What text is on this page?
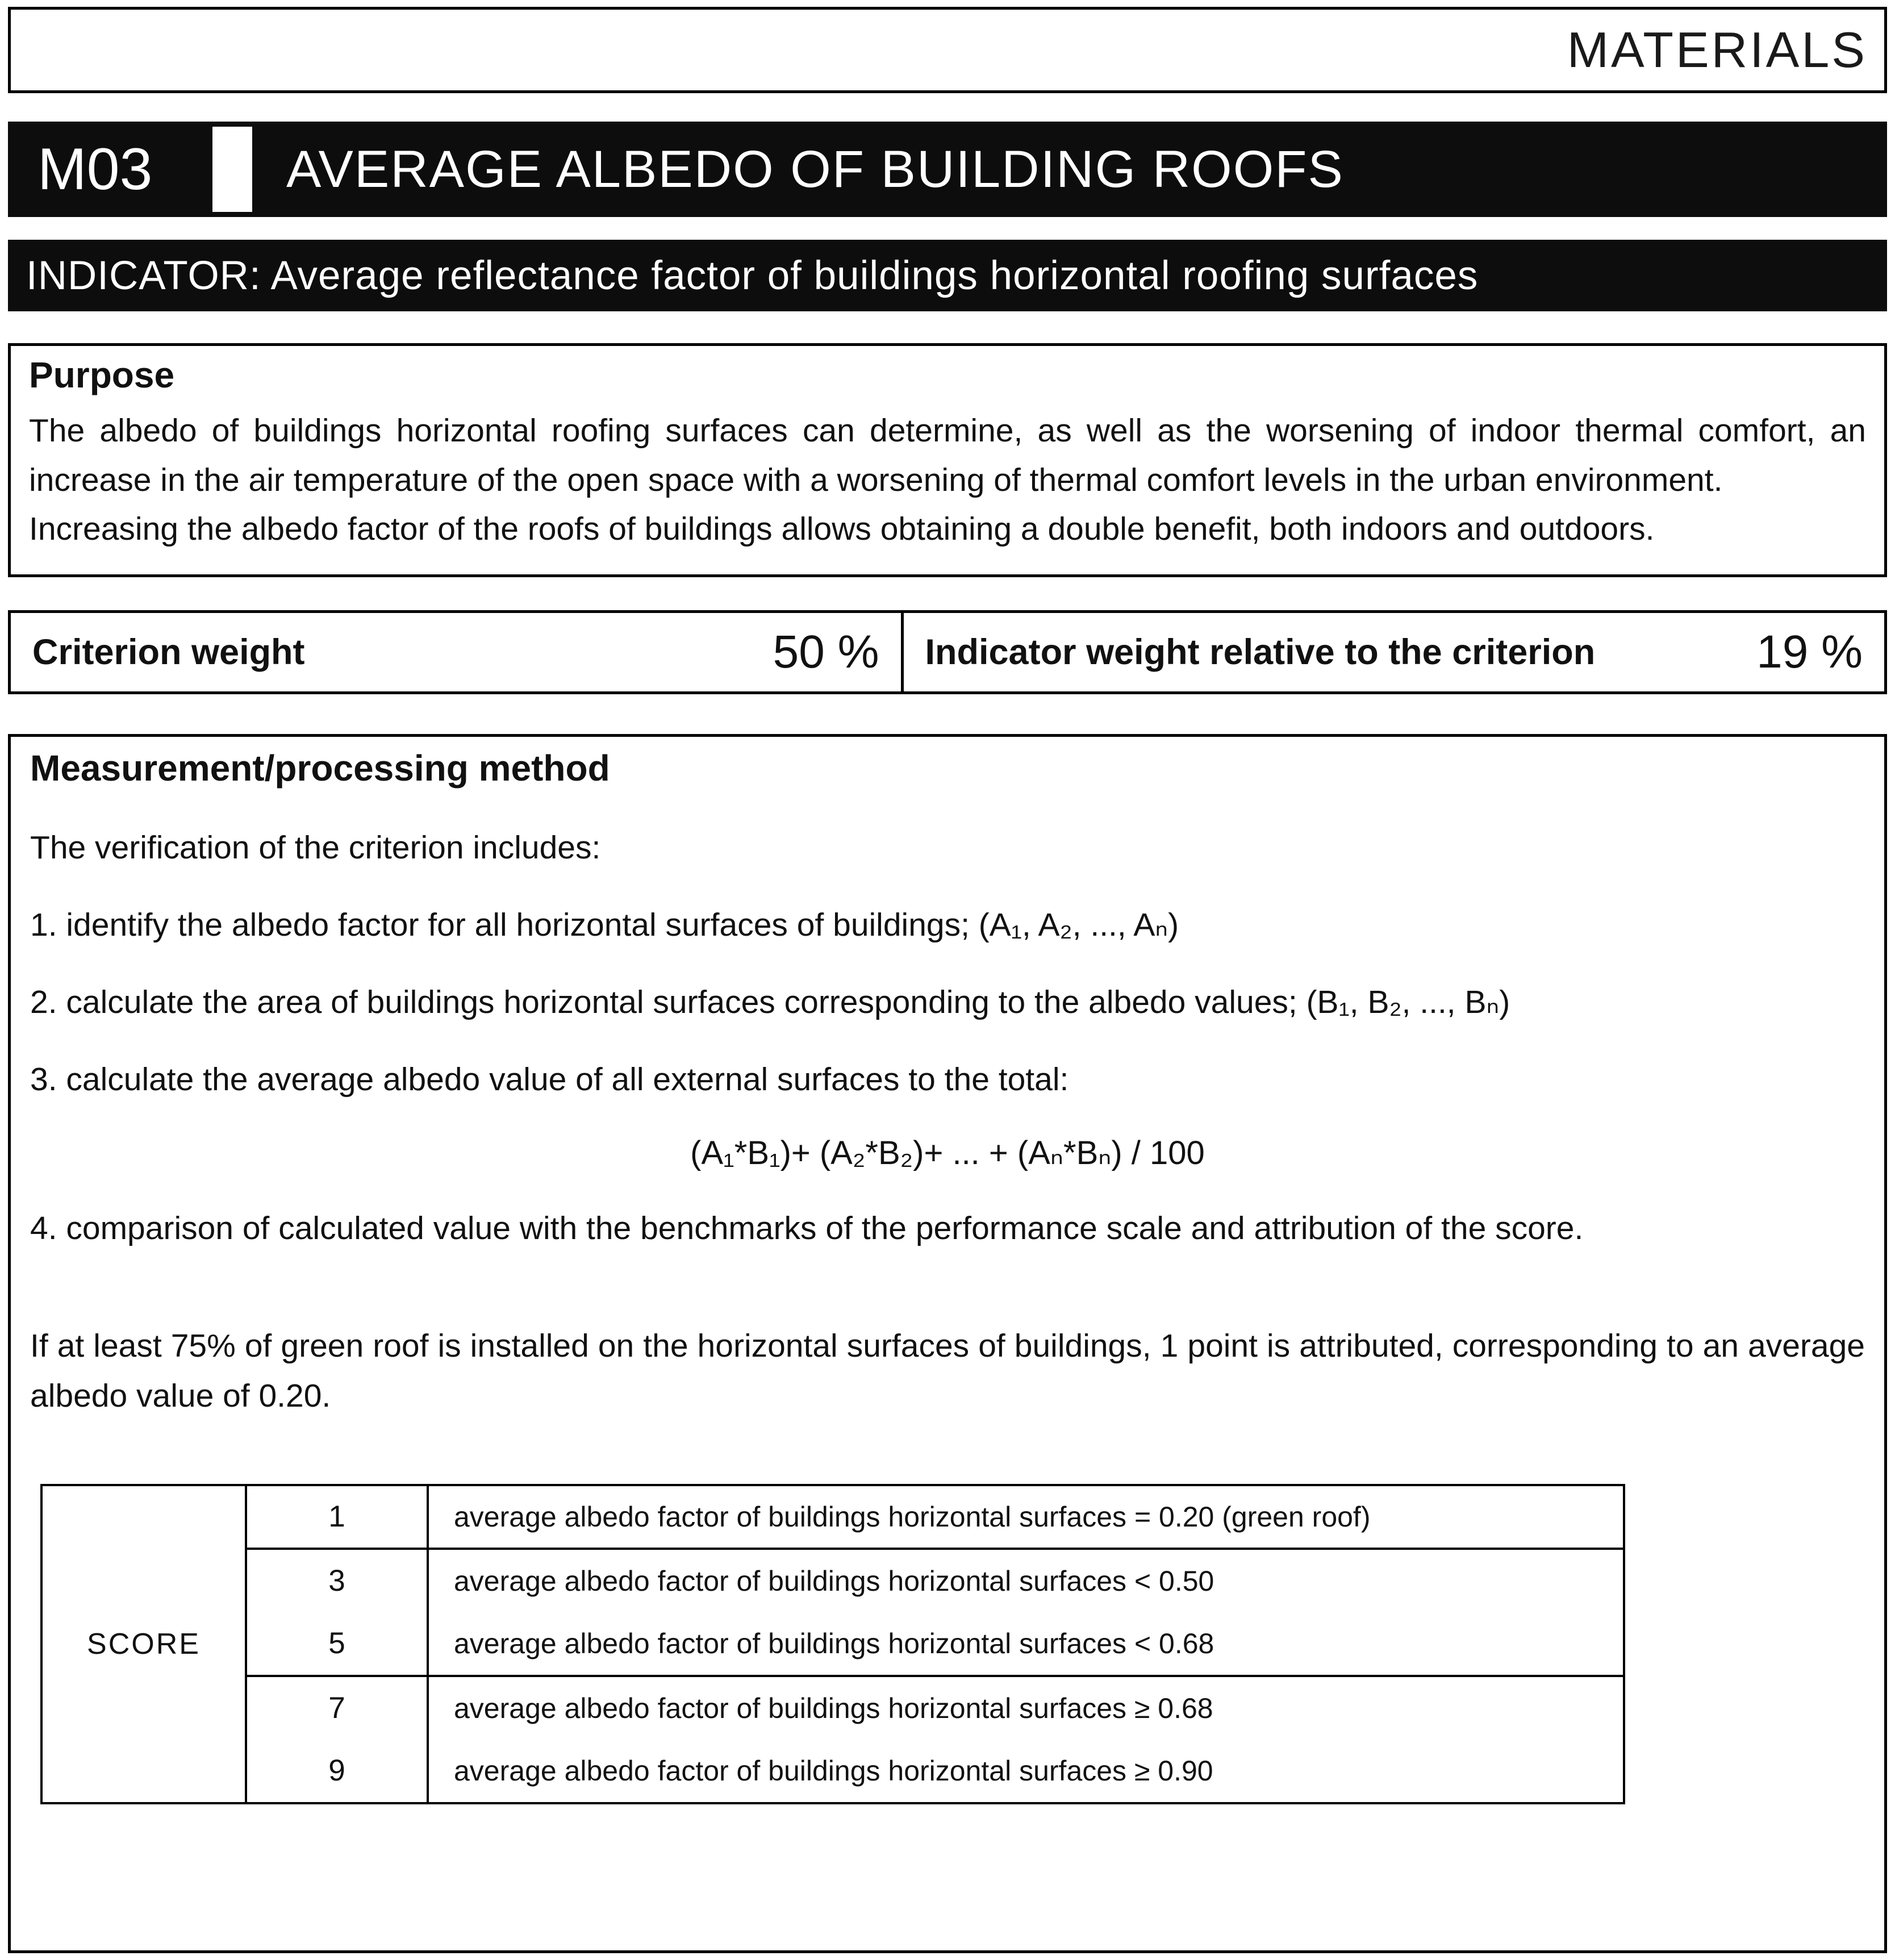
MATERIALS
M03	AVERAGE ALBEDO OF BUILDING ROOFS
INDICATOR: Average reflectance factor of buildings horizontal roofing surfaces
Purpose
The albedo of buildings horizontal roofing surfaces can determine, as well as the worsening of indoor thermal comfort, an increase in the air temperature of the open space with a worsening of thermal comfort levels in the urban environment.
Increasing the albedo factor of the roofs of buildings allows obtaining a double benefit, both indoors and outdoors.
Criterion weight	50 % Indicator weight relative to the criterion	19 %
Measurement/processing method
The verification of the criterion includes:
1. identify the albedo factor for all horizontal surfaces of buildings; (A₁, A₂, ..., Aₙ)
2. calculate the area of buildings horizontal surfaces corresponding to the albedo values; (B₁, B₂, ..., Bₙ)
3. calculate the average albedo value of all external surfaces to the total:
(A₁*B₁)+ (A₂*B₂)+ ... + (Aₙ*Bₙ) / 100
4. comparison of calculated value with the benchmarks of the performance scale and attribution of the score.
If at least 75% of green roof is installed on the horizontal surfaces of buildings, 1 point is attributed, corresponding to an average albedo value of 0.20.
SCORE	1	average albedo factor of buildings horizontal surfaces = 0.20 (green roof)
	3	average albedo factor of buildings horizontal surfaces < 0.50
	5	average albedo factor of buildings horizontal surfaces < 0.68
	7	average albedo factor of buildings horizontal surfaces ≥ 0.68
	9	average albedo factor of buildings horizontal surfaces ≥ 0.90
